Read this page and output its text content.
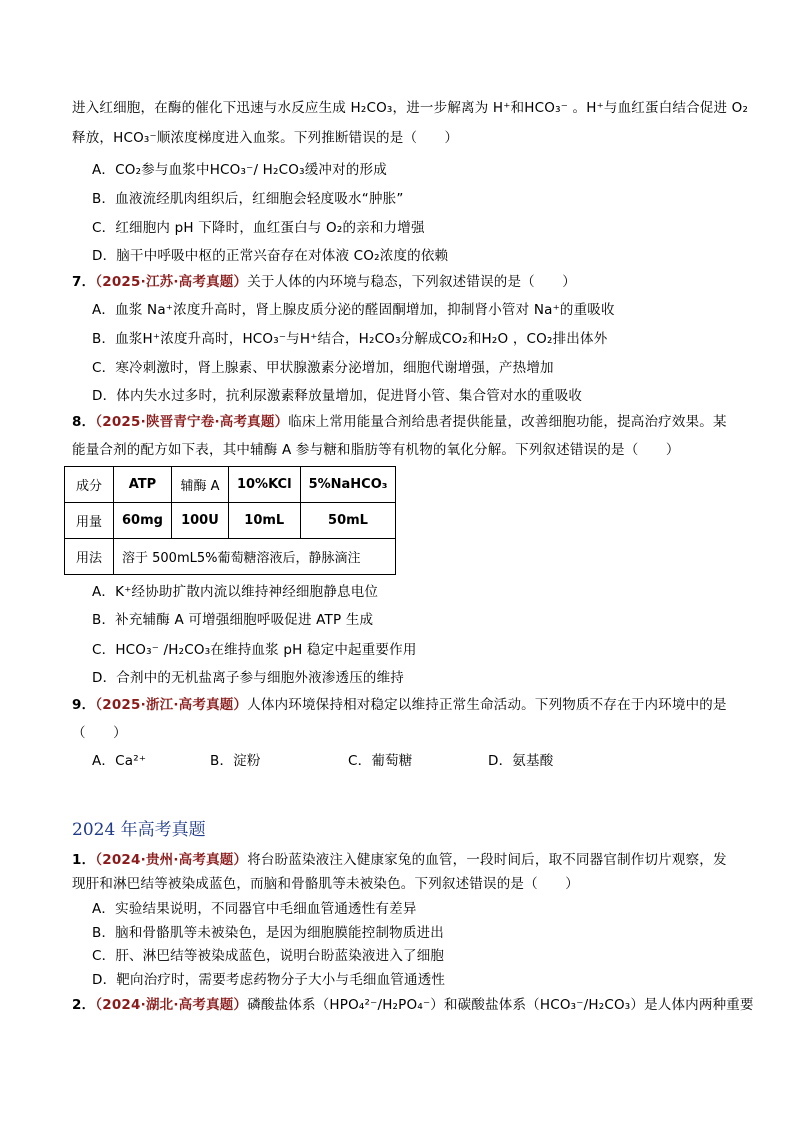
进入红细胞，在酶的催化下迅速与水反应生成 H₂CO₃，进一步解离为 H⁺和HCO₃⁻ 。H⁺与血红蛋白结合促进 O₂
释放，HCO₃⁻顺浓度梯度进入血浆。下列推断错误的是（　　）
A．CO₂参与血浆中HCO₃⁻/ H₂CO₃缓冲对的形成
B．血液流经肌肉组织后，红细胞会轻度吸水“肿胀”
C．红细胞内 pH 下降时，血红蛋白与 O₂的亲和力增强
D．脑干中呼吸中枢的正常兴奋存在对体液 CO₂浓度的依赖
7．（2025·江苏·高考真题）关于人体的内环境与稳态，下列叙述错误的是（　　）
A．血浆 Na⁺浓度升高时，肾上腺皮质分泌的醛固酮增加，抑制肾小管对 Na⁺的重吸收
B．血浆H⁺浓度升高时，HCO₃⁻与H⁺结合，H₂CO₃分解成CO₂和H₂O ，CO₂排出体外
C．寒冷刺激时，肾上腺素、甲状腺激素分泌增加，细胞代谢增强，产热增加
D．体内失水过多时，抗利尿激素释放量增加，促进肾小管、集合管对水的重吸收
8．（2025·陕晋青宁卷·高考真题）临床上常用能量合剂给患者提供能量，改善细胞功能，提高治疗效果。某
能量合剂的配方如下表，其中辅酶 A 参与糖和脂肪等有机物的氧化分解。下列叙述错误的是（　　）
成分	ATP	辅酶 A	10%KCl	5%NaHCO₃
用量	60mg	100U	10mL	50mL
用法	溶于 500mL5%葡萄糖溶液后，静脉滴注			
A．K⁺经协助扩散内流以维持神经细胞静息电位
B．补充辅酶 A 可增强细胞呼吸促进 ATP 生成
C．HCO₃⁻ /H₂CO₃在维持血浆 pH 稳定中起重要作用
D．合剂中的无机盐离子参与细胞外液渗透压的维持
9．（2025·浙江·高考真题）人体内环境保持相对稳定以维持正常生命活动。下列物质不存在于内环境中的是
（　　）
A．Ca²⁺	B．淀粉	C．葡萄糖	D．氨基酸
2024 年高考真题
1．（2024·贵州·高考真题）将台盼蓝染液注入健康家兔的血管，一段时间后，取不同器官制作切片观察，发
现肝和淋巴结等被染成蓝色，而脑和骨骼肌等未被染色。下列叙述错误的是（　　）
A．实验结果说明，不同器官中毛细血管通透性有差异
B．脑和骨骼肌等未被染色，是因为细胞膜能控制物质进出
C．肝、淋巴结等被染成蓝色，说明台盼蓝染液进入了细胞
D．靶向治疗时，需要考虑药物分子大小与毛细血管通透性
2．（2024·湖北·高考真题）磷酸盐体系（HPO₄²⁻/H₂PO₄⁻）和碳酸盐体系（HCO₃⁻/H₂CO₃）是人体内两种重要
